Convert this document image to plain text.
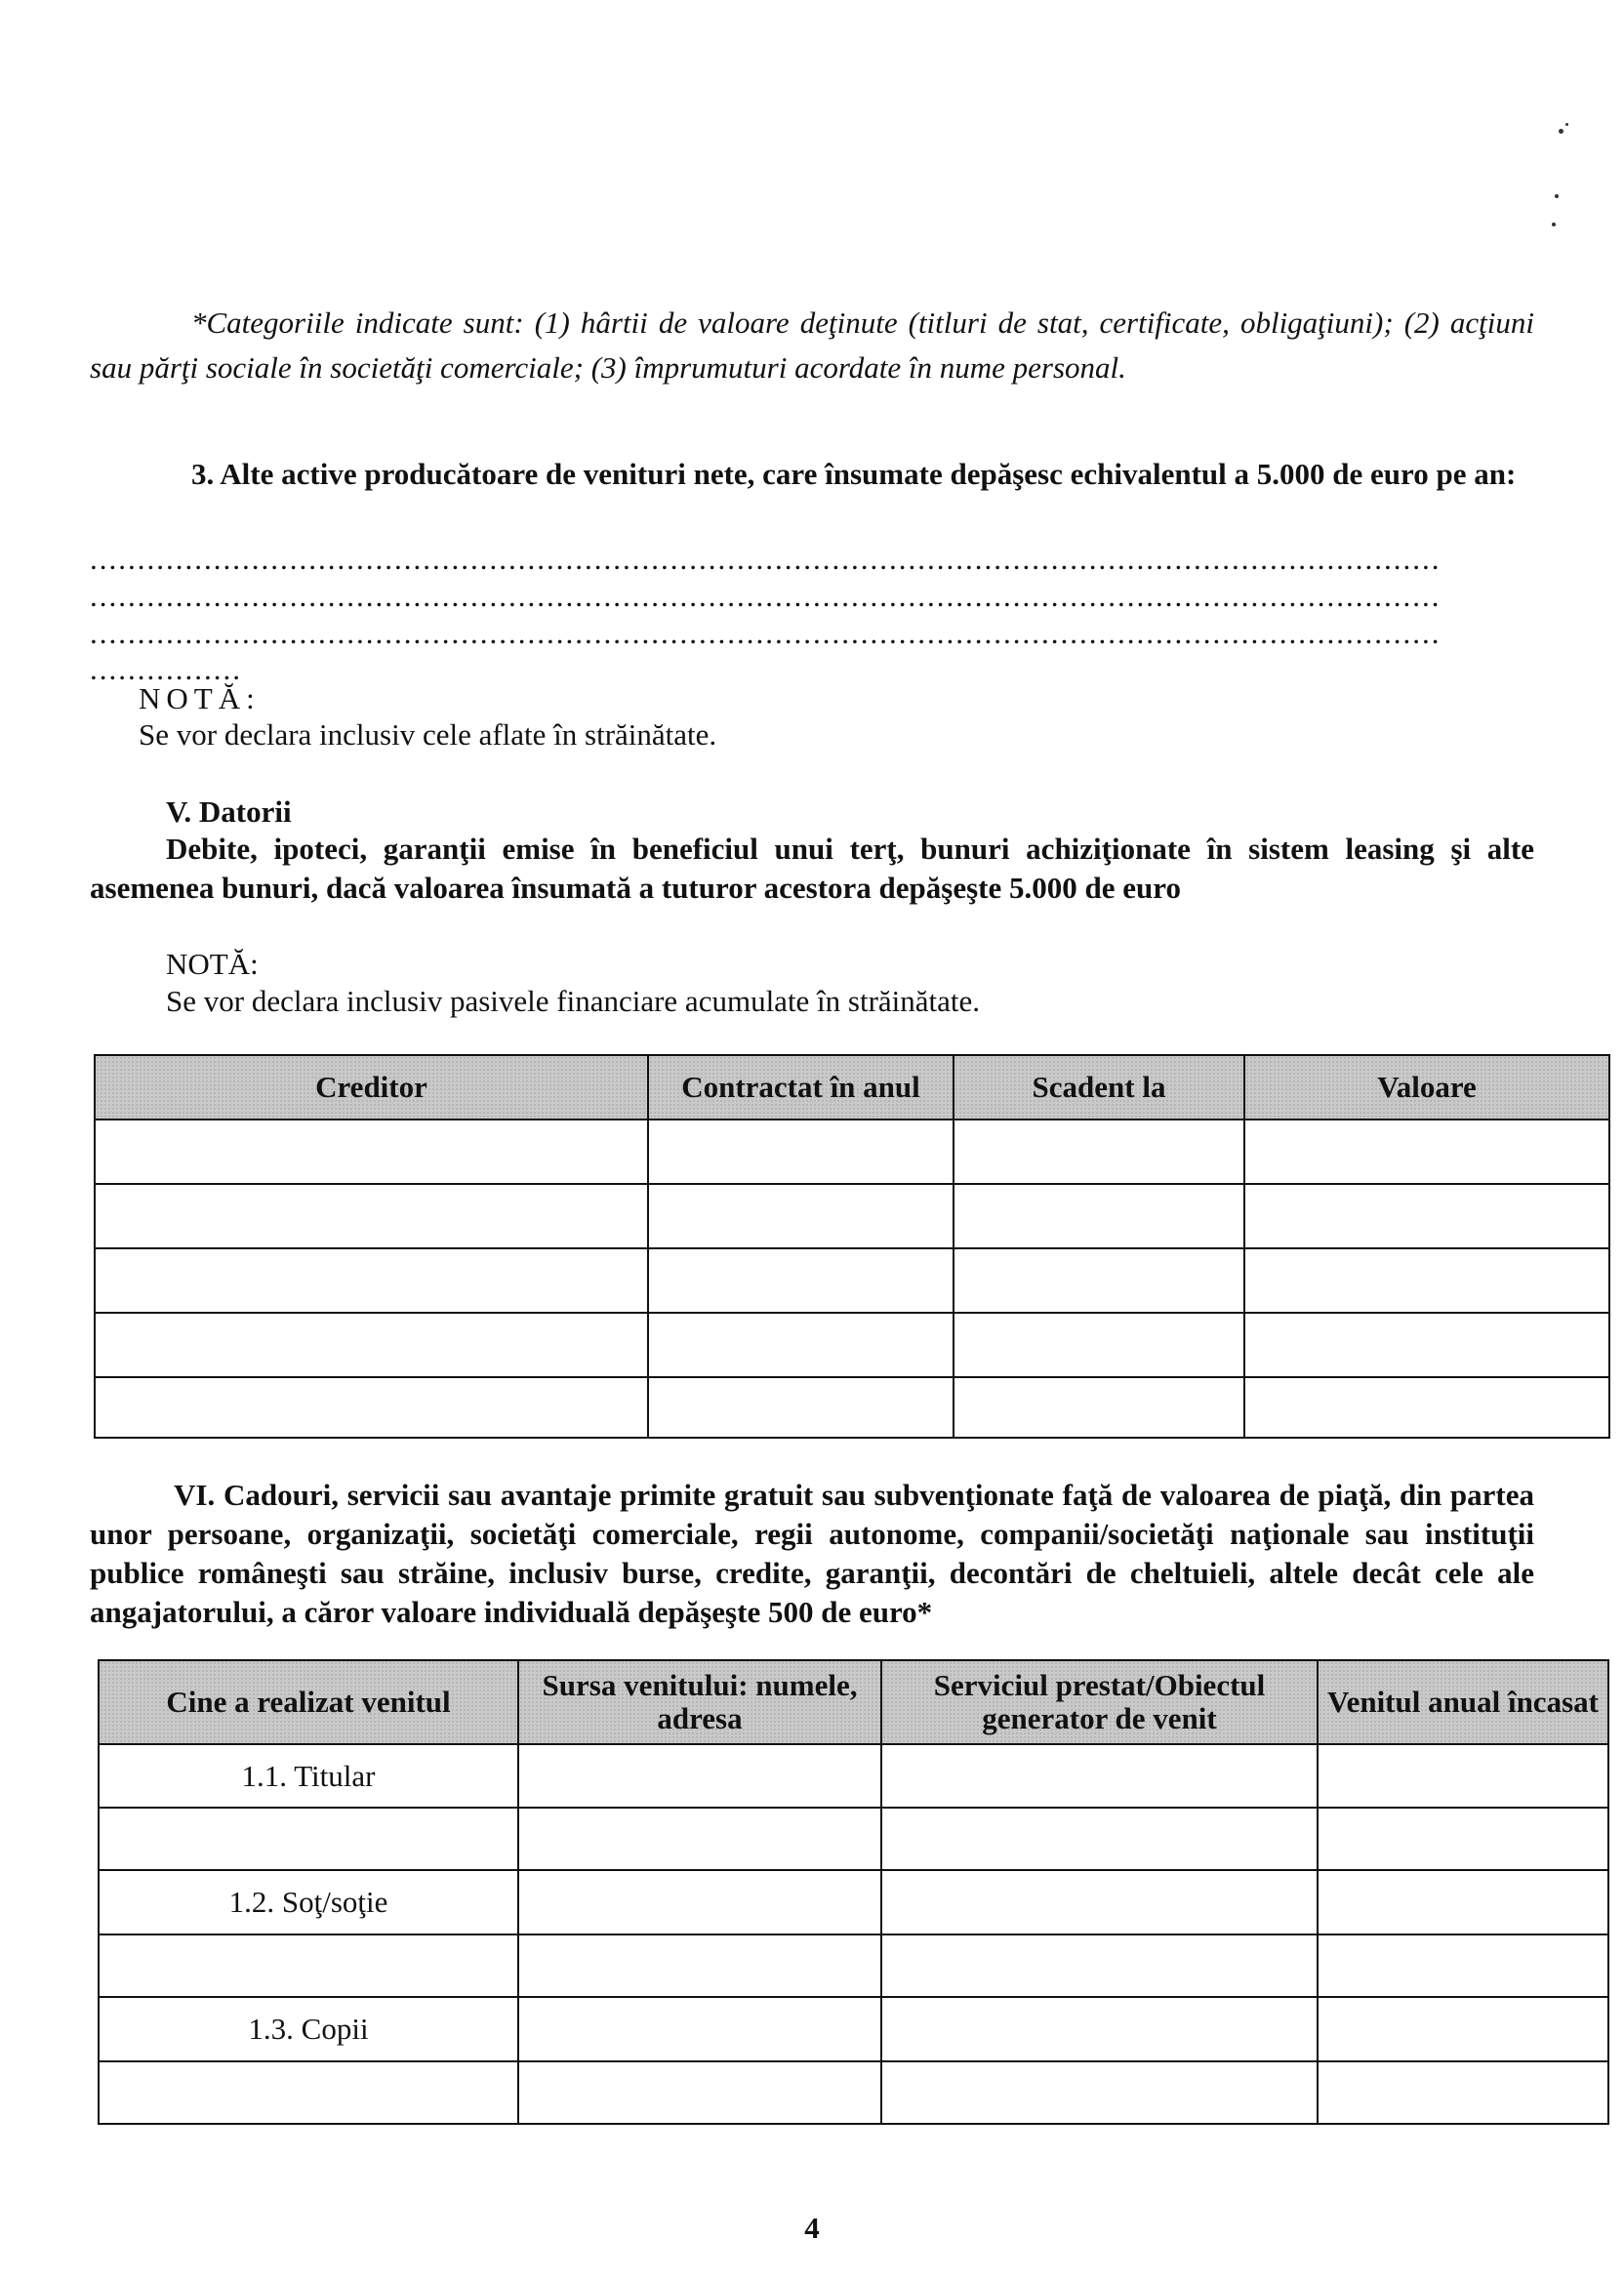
*Categoriile indicate sunt: (1) hârtii de valoare deţinute (titluri de stat, certificate, obligaţiuni); (2) acţiuni sau părţi sociale în societăţi comerciale; (3) împrumuturi acordate în nume personal.
3. Alte active producătoare de venituri nete, care însumate depăşesc echivalentul a 5.000 de euro pe an:
..............................................................................................................................................
..............................................................................................................................................
..............................................................................................................................................
................
NOTĂ:
Se vor declara inclusiv cele aflate în străinătate.
V. Datorii
Debite, ipoteci, garanţii emise în beneficiul unui terţ, bunuri achiziţionate în sistem leasing şi alte asemenea bunuri, dacă valoarea însumată a tuturor acestora depăşeşte 5.000 de euro
NOTĂ:
Se vor declara inclusiv pasivele financiare acumulate în străinătate.
Creditor	Contractat în anul	Scadent la	Valoare

VI. Cadouri, servicii sau avantaje primite gratuit sau subvenţionate faţă de valoarea de piaţă, din partea unor persoane, organizaţii, societăţi comerciale, regii autonome, companii/societăţi naţionale sau instituţii publice româneşti sau străine, inclusiv burse, credite, garanţii, decontări de cheltuieli, altele decât cele ale angajatorului, a căror valoare individuală depăşeşte 500 de euro*
Cine a realizat venitul	Sursa venitului: numele, adresa	Serviciul prestat/Obiectul generator de venit	Venitul anual încasat
1.1. Titular			

1.2. Soţ/soţie			

1.3. Copii			

4
